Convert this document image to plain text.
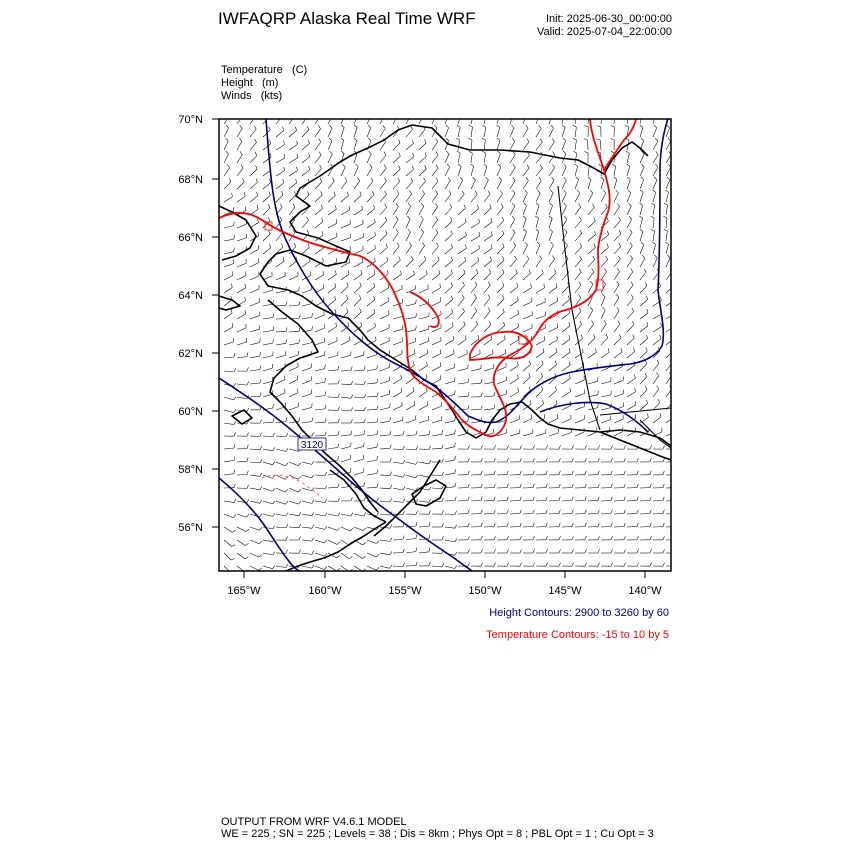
IWFAQRP Alaska Real Time WRF	Init: 2025-06-30_00:00:00
Valid: 2025-07-04_22:00:00
Temperature (C)
Height (m)
Winds (kts)
3120
70°N
68°N
66°N
64°N
62°N
60°N
58°N
56°N
165°W	160°W	155°W	150°W	145°W	140°W
Height Contours: 2900 to 3260 by 60
Temperature Contours: -15 to 10 by 5
OUTPUT FROM WRF V4.6.1 MODEL
WE = 225 ; SN = 225 ; Levels = 38 ; Dis = 8km ; Phys Opt = 8 ; PBL Opt = 1 ; Cu Opt = 3
